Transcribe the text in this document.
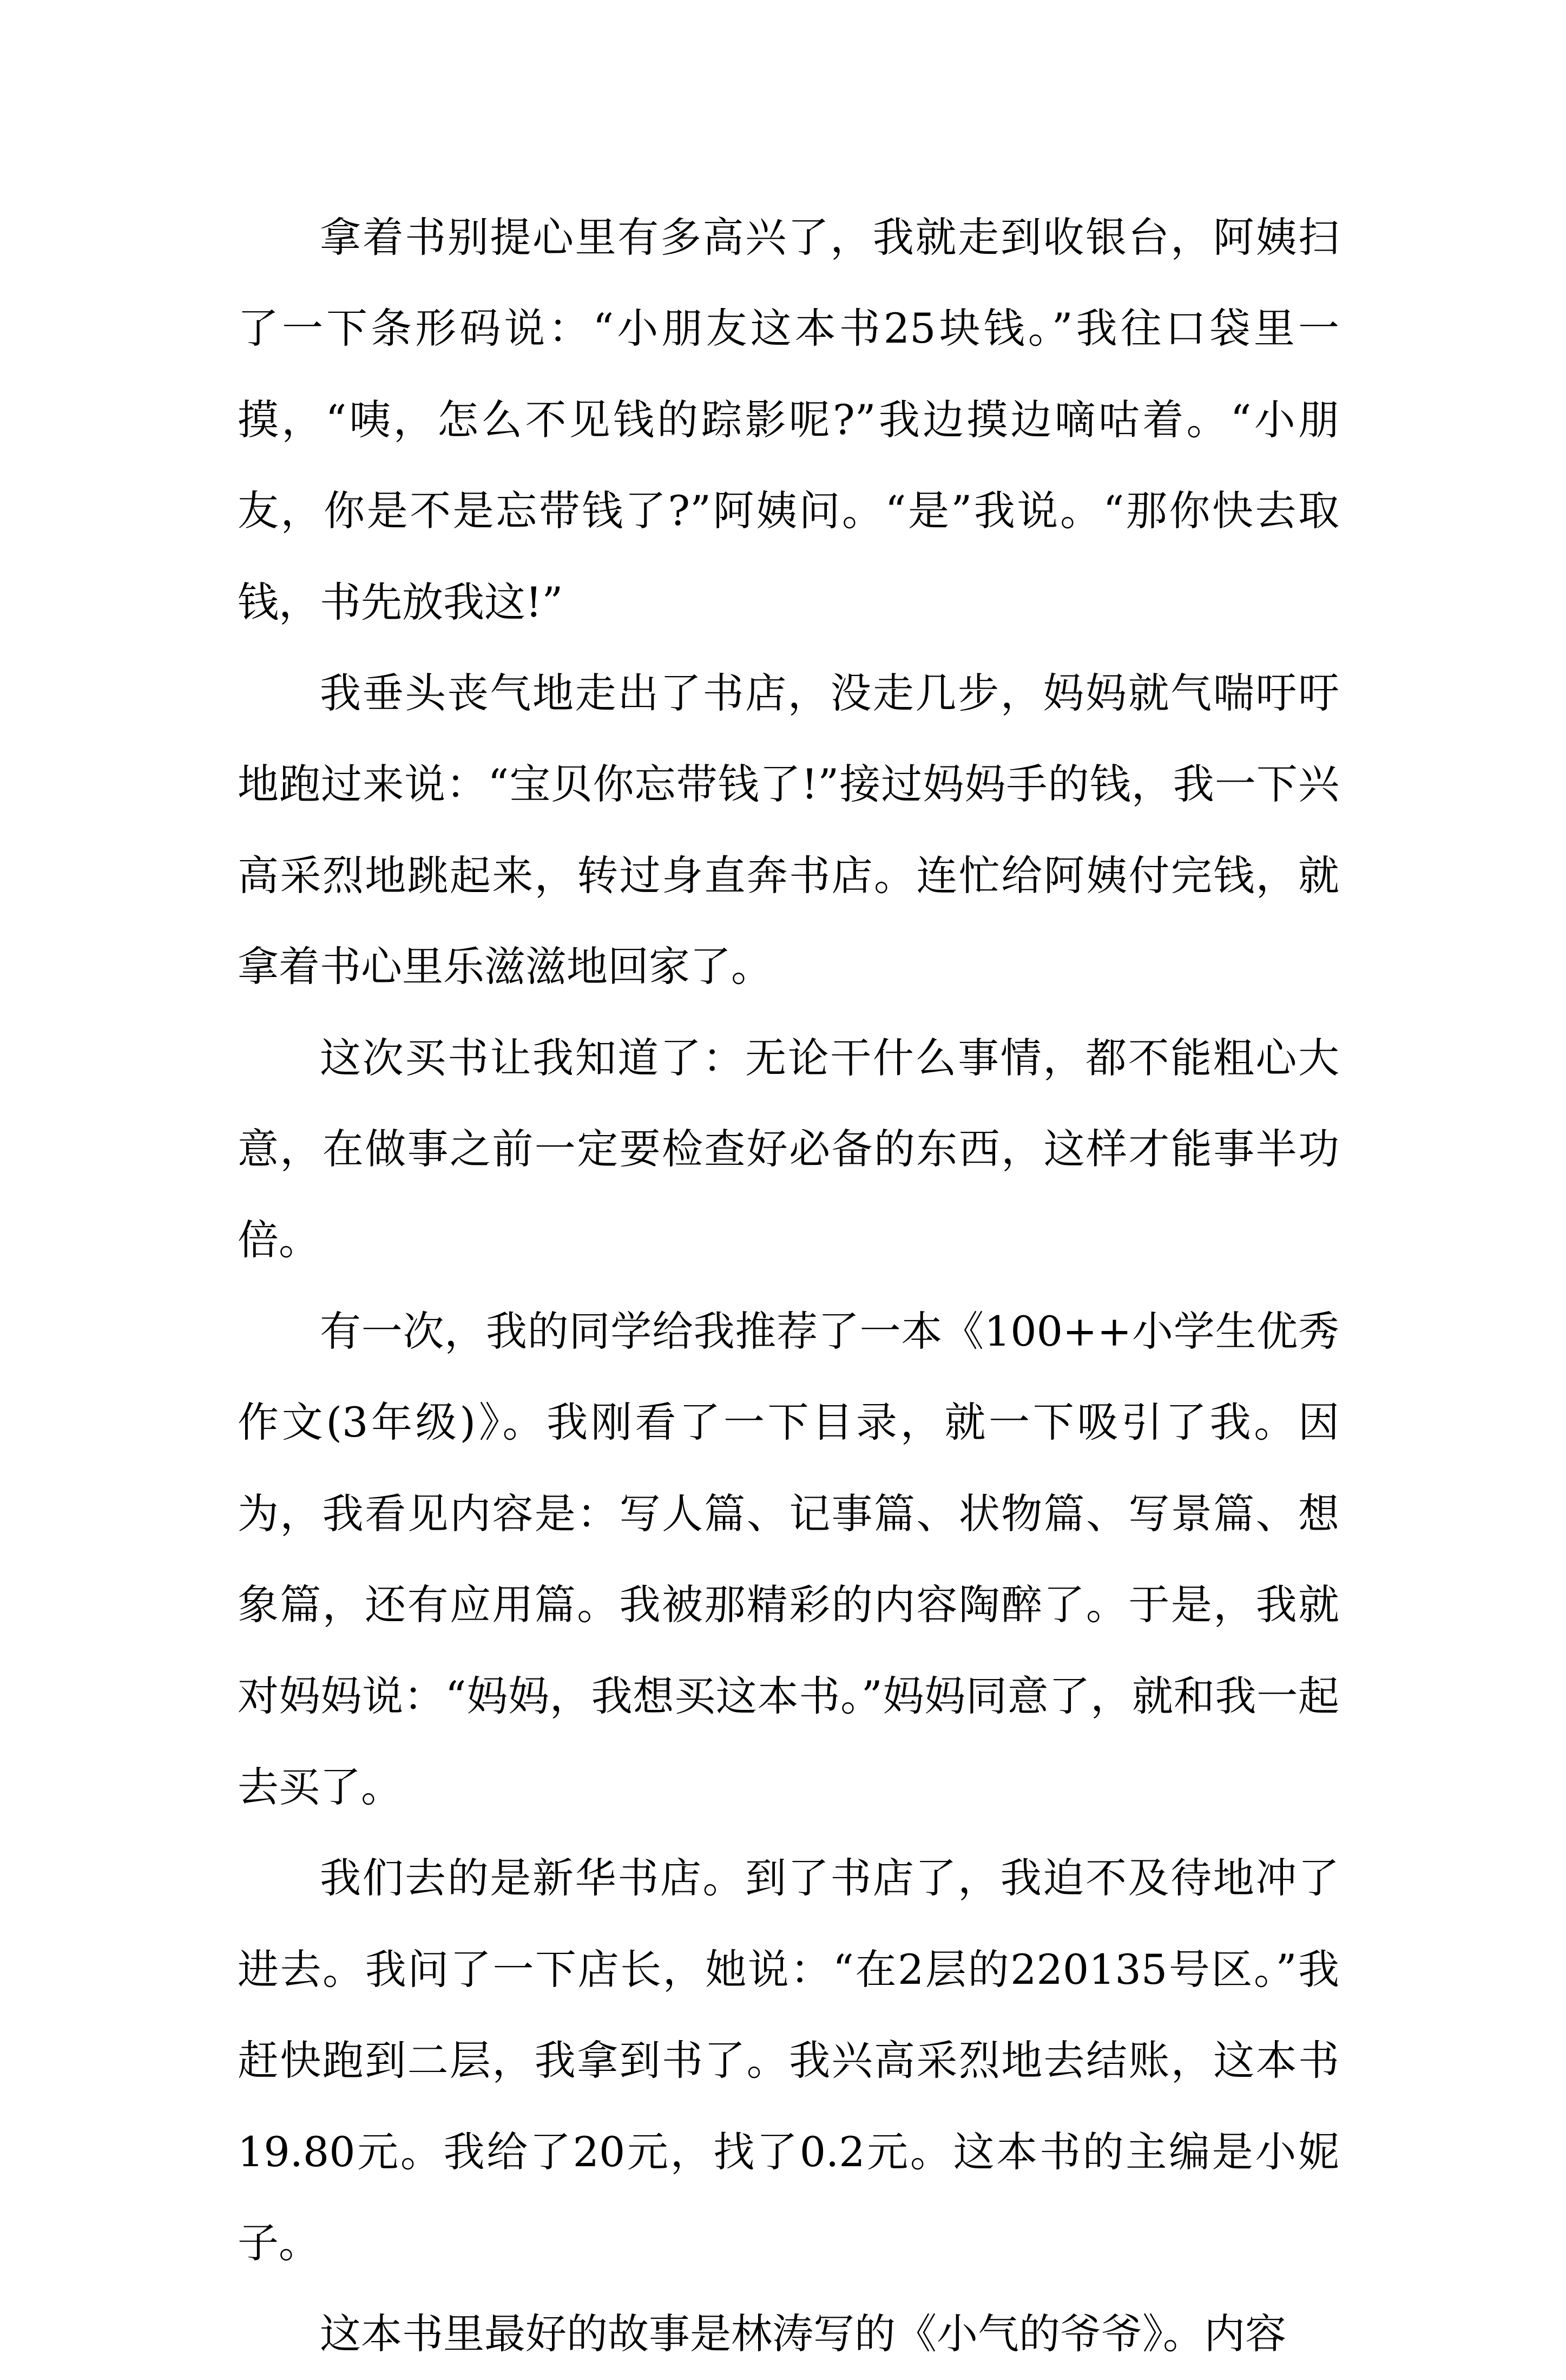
拿着书别提心里有多高兴了，我就走到收银台，阿姨扫了一下条形码说：“小朋友这本书25块钱。”我往口袋里一摸，“咦，怎么不见钱的踪影呢?”我边摸边嘀咕着。“小朋友，你是不是忘带钱了?”阿姨问。“是”我说。“那你快去取钱，书先放我这!”

我垂头丧气地走出了书店，没走几步，妈妈就气喘吁吁地跑过来说：“宝贝你忘带钱了!”接过妈妈手的钱，我一下兴高采烈地跳起来，转过身直奔书店。连忙给阿姨付完钱，就拿着书心里乐滋滋地回家了。

这次买书让我知道了：无论干什么事情，都不能粗心大意，在做事之前一定要检查好必备的东西，这样才能事半功倍。

有一次，我的同学给我推荐了一本《100++小学生优秀作文(3年级)》。我刚看了一下目录，就一下吸引了我。因为，我看见内容是：写人篇、记事篇、状物篇、写景篇、想象篇，还有应用篇。我被那精彩的内容陶醉了。于是，我就对妈妈说：“妈妈，我想买这本书。”妈妈同意了，就和我一起去买了。

我们去的是新华书店。到了书店了，我迫不及待地冲了进去。我问了一下店长，她说：“在2层的220135号区。”我赶快跑到二层，我拿到书了。我兴高采烈地去结账，这本书19.80元。我给了20元，找了0.2元。这本书的主编是小妮子。

这本书里最好的故事是林涛写的《小气的爷爷》。内容
